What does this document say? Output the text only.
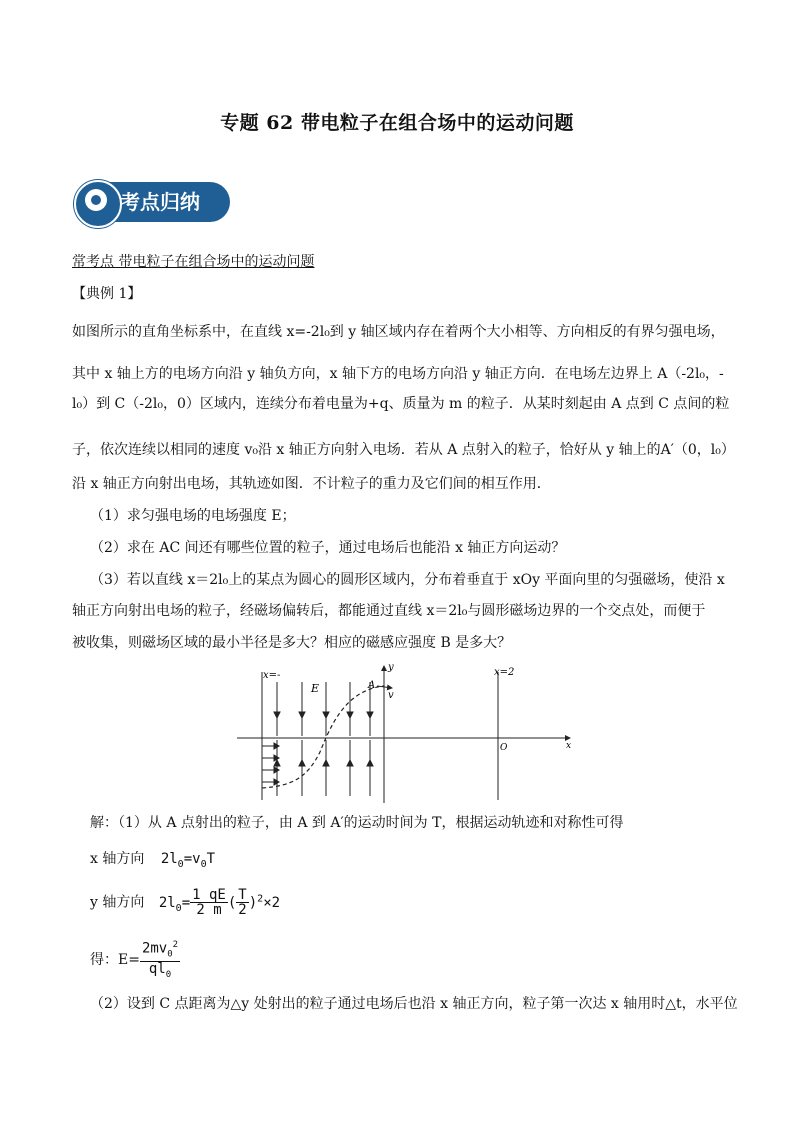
专题 62 带电粒子在组合场中的运动问题
考点归纳
常考点 带电粒子在组合场中的运动问题
【典例 1】
如图所示的直角坐标系中，在直线 x=-2l₀到 y 轴区域内存在着两个大小相等、方向相反的有界匀强电场，
其中 x 轴上方的电场方向沿 y 轴负方向，x 轴下方的电场方向沿 y 轴正方向．在电场左边界上 A（-2l₀，-
l₀）到 C（-2l₀，0）区域内，连续分布着电量为+q、质量为 m 的粒子．从某时刻起由 A 点到 C 点间的粒
子，依次连续以相同的速度 v₀沿 x 轴正方向射入电场．若从 A 点射入的粒子，恰好从 y 轴上的A′（0，l₀）
沿 x 轴正方向射出电场，其轨迹如图．不计粒子的重力及它们间的相互作用．
（1）求匀强电场的电场强度 E；
（2）求在 AC 间还有哪些位置的粒子，通过电场后也能沿 x 轴正方向运动？
（3）若以直线 x＝2l₀上的某点为圆心的圆形区域内，分布着垂直于 xOy 平面向里的匀强磁场，使沿 x
轴正方向射出电场的粒子，经磁场偏转后，都能通过直线 x＝2l₀与圆形磁场边界的一个交点处，而便于
被收集，则磁场区域的最小半径是多大？相应的磁感应强度 B 是多大？
x=-	x=2
E
y
A
v
O	x
解：（1）从 A 点射出的粒子，由 A 到 A′的运动时间为 T，根据运动轨迹和对称性可得
x 轴方向 $2l_0=v_0T$
y 轴方向 $2l_0= \frac{1 qE}{2 m}$ ( $\frac{T}{2} )^2\times 2$
得：$E= \frac{2mv_0^2}{ql_0}$
（2）设到 C 点距离为△y 处射出的粒子通过电场后也沿 x 轴正方向，粒子第一次达 x 轴用时△t，水平位
